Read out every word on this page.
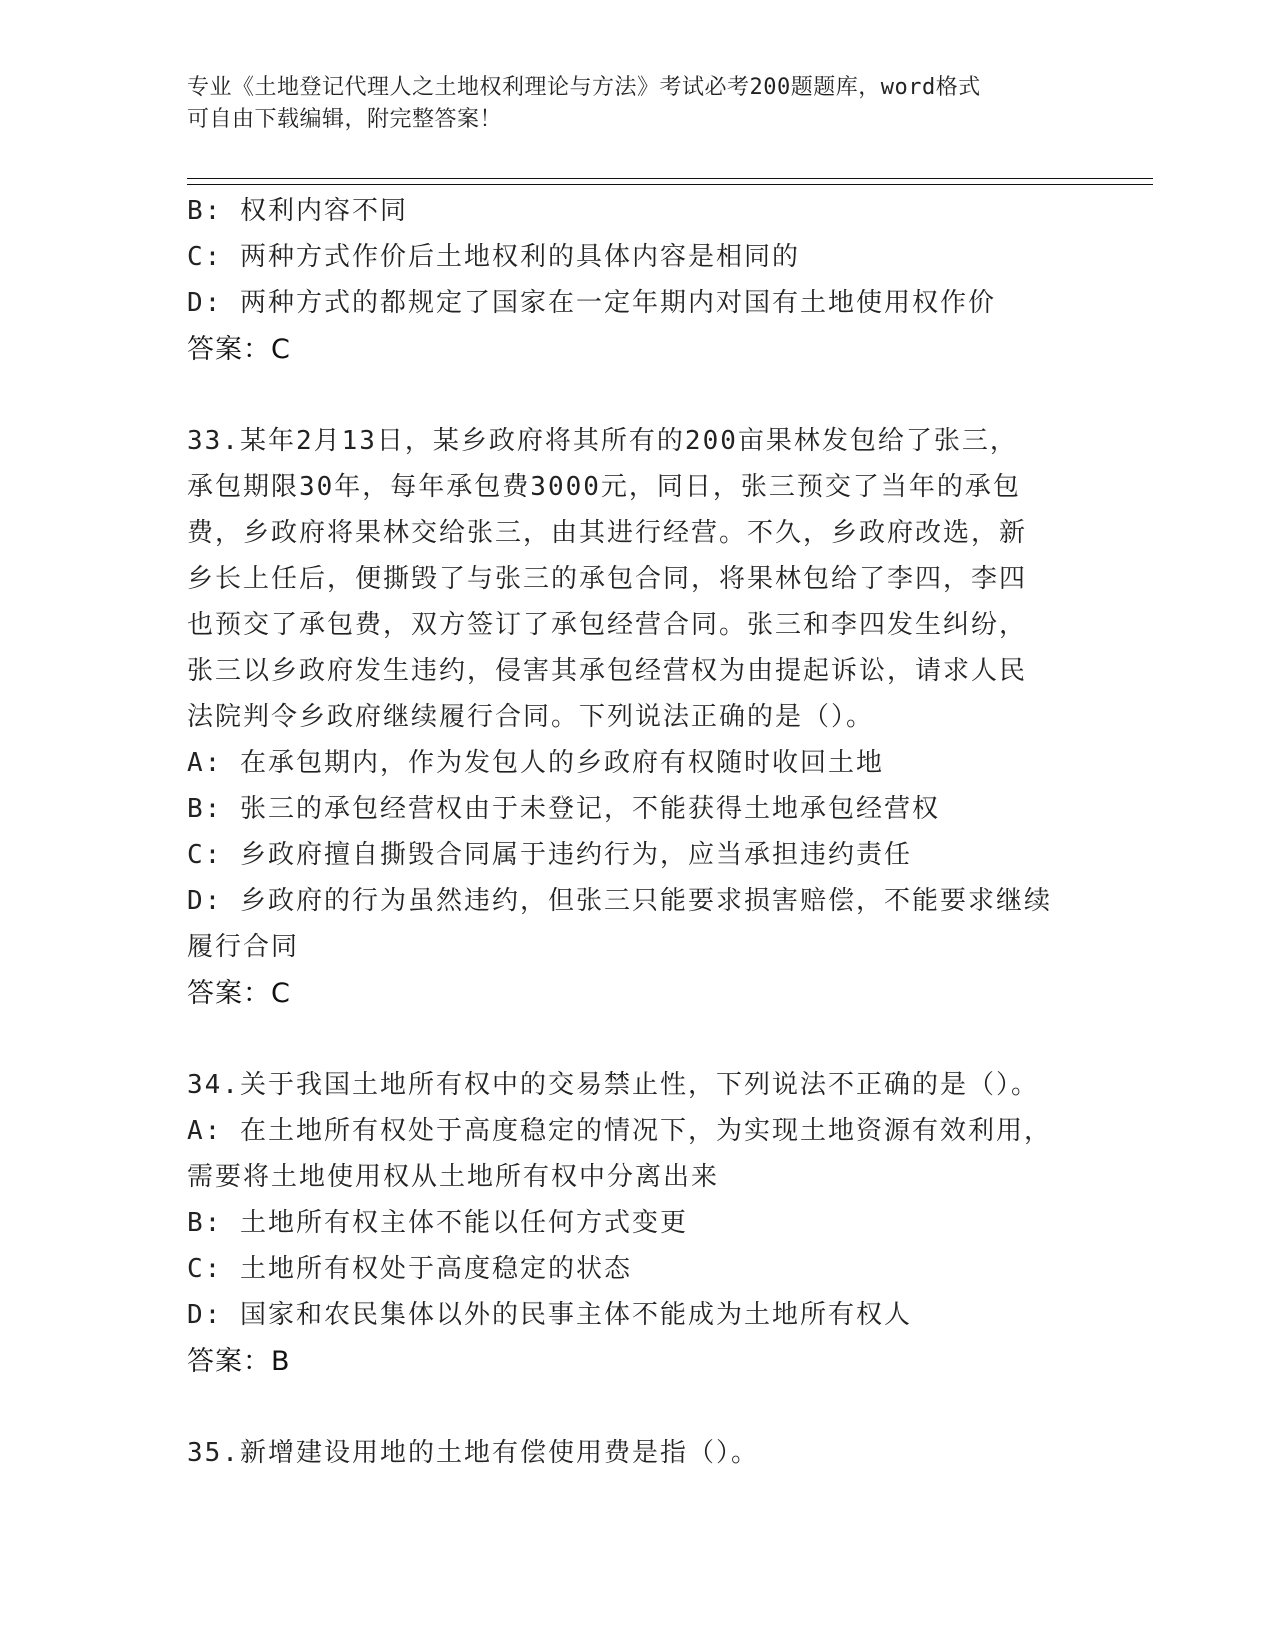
专业《土地登记代理人之土地权利理论与方法》考试必考200题题库，word格式
可自由下载编辑，附完整答案！
B: 权利内容不同
C: 两种方式作价后土地权利的具体内容是相同的
D: 两种方式的都规定了国家在一定年期内对国有土地使用权作价
答案：C
33.某年2月13日，某乡政府将其所有的200亩果林发包给了张三，
承包期限30年，每年承包费3000元，同日，张三预交了当年的承包
费，乡政府将果林交给张三，由其进行经营。不久，乡政府改选，新
乡长上任后，便撕毁了与张三的承包合同，将果林包给了李四，李四
也预交了承包费，双方签订了承包经营合同。张三和李四发生纠纷，
张三以乡政府发生违约，侵害其承包经营权为由提起诉讼，请求人民
法院判令乡政府继续履行合同。下列说法正确的是（）。
A: 在承包期内，作为发包人的乡政府有权随时收回土地
B: 张三的承包经营权由于未登记，不能获得土地承包经营权
C: 乡政府擅自撕毁合同属于违约行为，应当承担违约责任
D: 乡政府的行为虽然违约，但张三只能要求损害赔偿，不能要求继续
履行合同
答案：C
34.关于我国土地所有权中的交易禁止性，下列说法不正确的是（）。
A: 在土地所有权处于高度稳定的情况下，为实现土地资源有效利用，
需要将土地使用权从土地所有权中分离出来
B: 土地所有权主体不能以任何方式变更
C: 土地所有权处于高度稳定的状态
D: 国家和农民集体以外的民事主体不能成为土地所有权人
答案：B
35.新增建设用地的土地有偿使用费是指（）。
